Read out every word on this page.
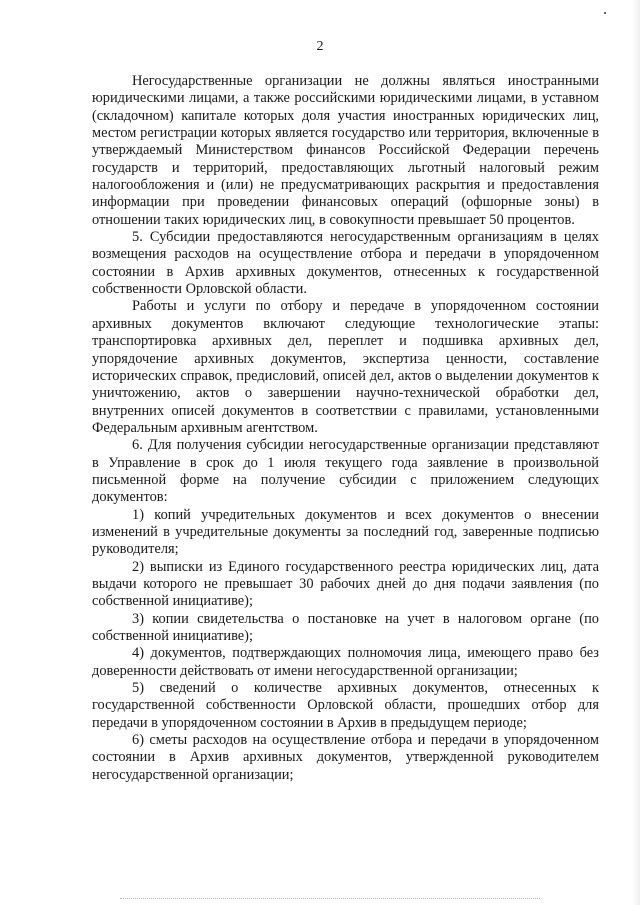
2

Негосударственные организации не должны являться иностранными юридическими лицами, а также российскими юридическими лицами, в уставном (складочном) капитале которых доля участия иностранных юридических лиц, местом регистрации которых является государство или территория, включенные в утверждаемый Министерством финансов Российской Федерации перечень государств и территорий, предоставляющих льготный налоговый режим налогообложения и (или) не предусматривающих раскрытия и предоставления информации при проведении финансовых операций (офшорные зоны) в отношении таких юридических лиц, в совокупности превышает 50 процентов.

5. Субсидии предоставляются негосударственным организациям в целях возмещения расходов на осуществление отбора и передачи в упорядоченном состоянии в Архив архивных документов, отнесенных к государственной собственности Орловской области.

Работы и услуги по отбору и передаче в упорядоченном состоянии архивных документов включают следующие технологические этапы: транспортировка архивных дел, переплет и подшивка архивных дел, упорядочение архивных документов, экспертиза ценности, составление исторических справок, предисловий, описей дел, актов о выделении документов к уничтожению, актов о завершении научно-технической обработки дел, внутренних описей документов в соответствии с правилами, установленными Федеральным архивным агентством.

6. Для получения субсидии негосударственные организации представляют в Управление в срок до 1 июля текущего года заявление в произвольной письменной форме на получение субсидии с приложением следующих документов:

1) копий учредительных документов и всех документов о внесении изменений в учредительные документы за последний год, заверенные подписью руководителя;

2) выписки из Единого государственного реестра юридических лиц, дата выдачи которого не превышает 30 рабочих дней до дня подачи заявления (по собственной инициативе);

3) копии свидетельства о постановке на учет в налоговом органе (по собственной инициативе);

4) документов, подтверждающих полномочия лица, имеющего право без доверенности действовать от имени негосударственной организации;

5) сведений о количестве архивных документов, отнесенных к государственной собственности Орловской области, прошедших отбор для передачи в упорядоченном состоянии в Архив в предыдущем периоде;

6) сметы расходов на осуществление отбора и передачи в упорядоченном состоянии в Архив архивных документов, утвержденной руководителем негосударственной организации;
